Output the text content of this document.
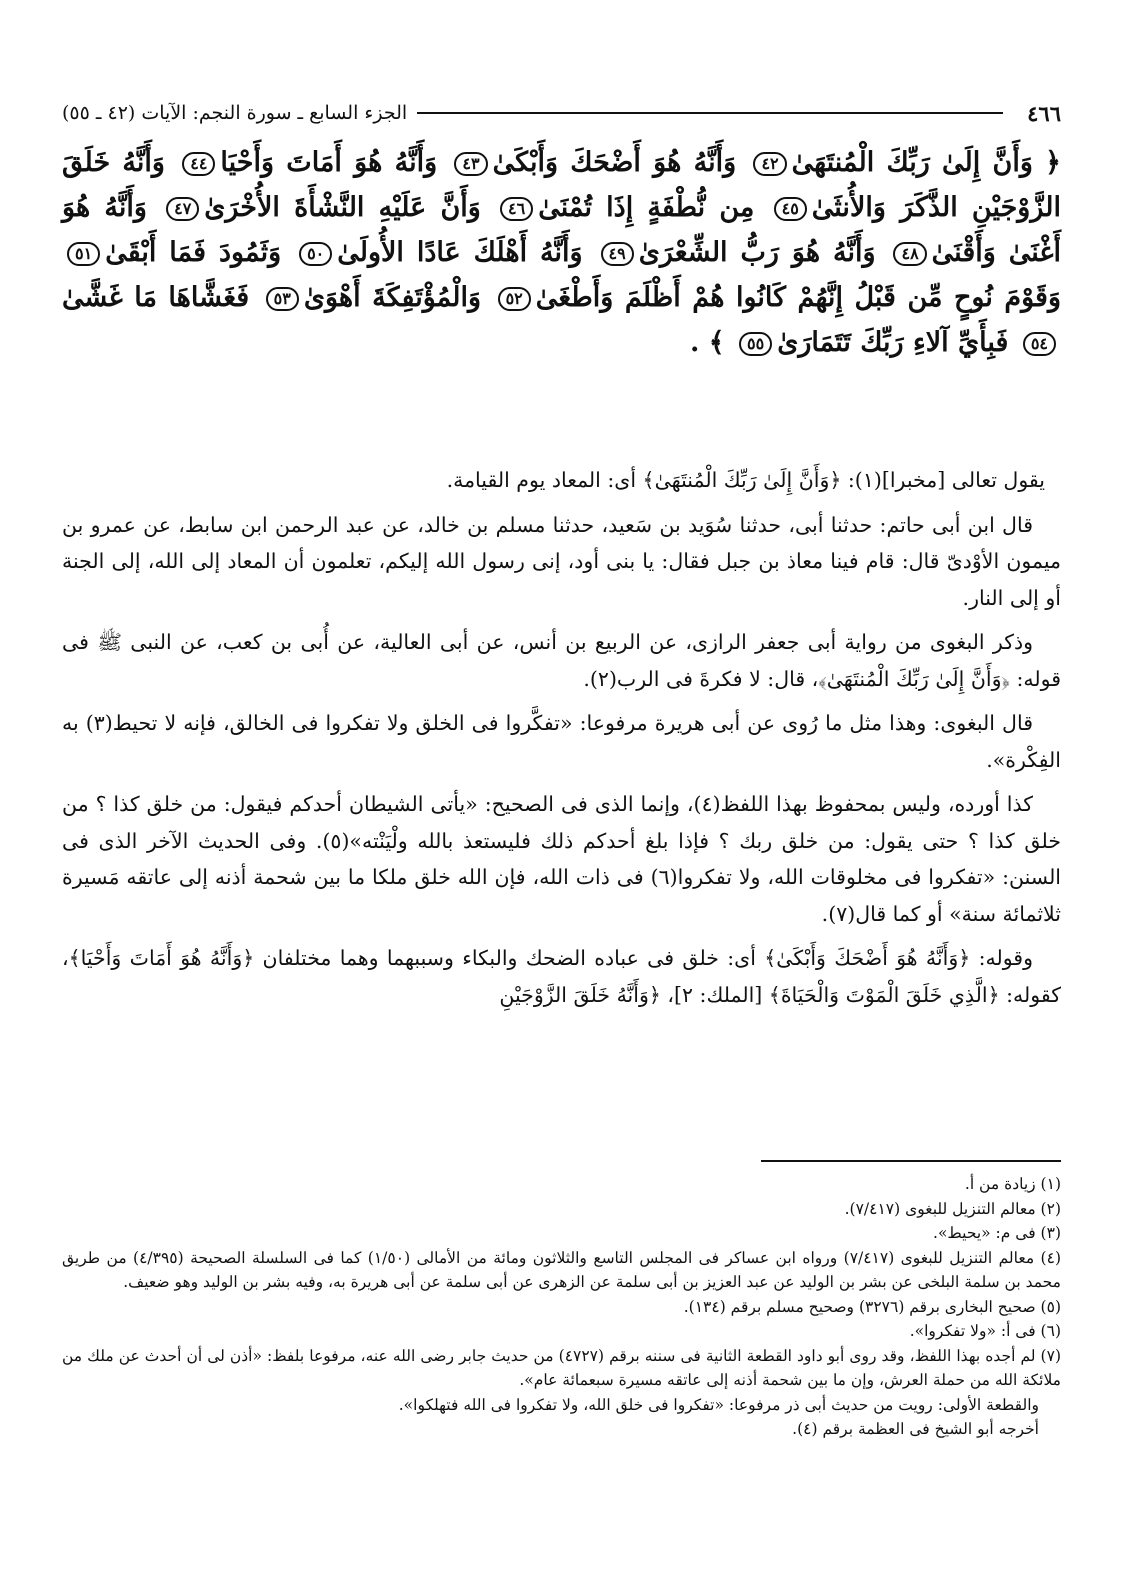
٤٦٦
الجزء السابع ـ سورة النجم: الآيات (٤٢ ـ ٥٥)
﴿ وَأَنَّ إِلَىٰ رَبِّكَ الْمُنتَهَىٰ٤٢ وَأَنَّهُ هُوَ أَضْحَكَ وَأَبْكَىٰ٤٣ وَأَنَّهُ هُوَ أَمَاتَ وَأَحْيَا٤٤ وَأَنَّهُ خَلَقَ الزَّوْجَيْنِ الذَّكَرَ وَالأُنثَىٰ٤٥ مِن نُّطْفَةٍ إِذَا تُمْنَىٰ٤٦ وَأَنَّ عَلَيْهِ النَّشْأَةَ الأُخْرَىٰ٤٧ وَأَنَّهُ هُوَ أَغْنَىٰ وَأَقْنَىٰ٤٨ وَأَنَّهُ هُوَ رَبُّ الشِّعْرَىٰ٤٩ وَأَنَّهُ أَهْلَكَ عَادًا الأُولَىٰ٥٠ وَثَمُودَ فَمَا أَبْقَىٰ٥١ وَقَوْمَ نُوحٍ مِّن قَبْلُ إِنَّهُمْ كَانُوا هُمْ أَظْلَمَ وَأَطْغَىٰ٥٢ وَالْمُؤْتَفِكَةَ أَهْوَىٰ٥٣ فَغَشَّاهَا مَا غَشَّىٰ٥٤ فَبِأَيِّ آلاءِ رَبِّكَ تَتَمَارَىٰ٥٥ ﴾ .

يقول تعالى [مخبرا](١): ﴿وَأَنَّ إِلَىٰ رَبِّكَ الْمُنتَهَىٰ﴾ أى: المعاد يوم القيامة.

قال ابن أبى حاتم: حدثنا أبى، حدثنا سُوَيد بن سَعيد، حدثنا مسلم بن خالد، عن عبد الرحمن ابن سابط، عن عمرو بن ميمون الأوْدىّ قال: قام فينا معاذ بن جبل فقال: يا بنى أود، إنى رسول الله إليكم، تعلمون أن المعاد إلى الله، إلى الجنة أو إلى النار.

وذكر البغوى من رواية أبى جعفر الرازى، عن الربيع بن أنس، عن أبى العالية، عن أُبى بن كعب، عن النبى ﷺ فى قوله: ﴿وَأَنَّ إِلَىٰ رَبِّكَ الْمُنتَهَىٰ﴾، قال: لا فكرةَ فى الرب(٢).

قال البغوى: وهذا مثل ما رُوى عن أبى هريرة مرفوعا: «تفكَّروا فى الخلق ولا تفكروا فى الخالق، فإنه لا تحيط(٣) به الفِكْرة».

كذا أورده، وليس بمحفوظ بهذا اللفظ(٤)، وإنما الذى فى الصحيح: «يأتى الشيطان أحدكم فيقول: من خلق كذا ؟ من خلق كذا ؟ حتى يقول: من خلق ربك ؟ فإذا بلغ أحدكم ذلك فليستعذ بالله ولْيَنْته»(٥). وفى الحديث الآخر الذى فى السنن: «تفكروا فى مخلوقات الله، ولا تفكروا(٦) فى ذات الله، فإن الله خلق ملكا ما بين شحمة أذنه إلى عاتقه مَسيرة ثلاثمائة سنة» أو كما قال(٧).

وقوله: ﴿وَأَنَّهُ هُوَ أَضْحَكَ وَأَبْكَىٰ﴾ أى: خلق فى عباده الضحك والبكاء وسببهما وهما مختلفان ﴿وَأَنَّهُ هُوَ أَمَاتَ وَأَحْيَا﴾، كقوله: ﴿الَّذِي خَلَقَ الْمَوْتَ وَالْحَيَاةَ﴾ [الملك: ٢]، ﴿وَأَنَّهُ خَلَقَ الزَّوْجَيْنِ

(١) زيادة من أ.
(٢) معالم التنزيل للبغوى (٧/٤١٧).
(٣) فى م: «يحيط».
(٤) معالم التنزيل للبغوى (٧/٤١٧) ورواه ابن عساكر فى المجلس التاسع والثلاثون ومائة من الأمالى (١/٥٠) كما فى السلسلة الصحيحة (٤/٣٩٥) من طريق محمد بن سلمة البلخى عن بشر بن الوليد عن عبد العزيز بن أبى سلمة عن الزهرى عن أبى سلمة عن أبى هريرة به، وفيه بشر بن الوليد وهو ضعيف.
(٥) صحيح البخارى برقم (٣٢٧٦) وصحيح مسلم برقم (١٣٤).
(٦) فى أ: «ولا تفكروا».
(٧) لم أجده بهذا اللفظ، وقد روى أبو داود القطعة الثانية فى سننه برقم (٤٧٢٧) من حديث جابر رضى الله عنه، مرفوعا بلفظ: «أذن لى أن أحدث عن ملك من ملائكة الله من حملة العرش، وإن ما بين شحمة أذنه إلى عاتقه مسيرة سبعمائة عام».
والقطعة الأولى: رويت من حديث أبى ذر مرفوعا: «تفكروا فى خلق الله، ولا تفكروا فى الله فتهلكوا».
أخرجه أبو الشيخ فى العظمة برقم (٤).
